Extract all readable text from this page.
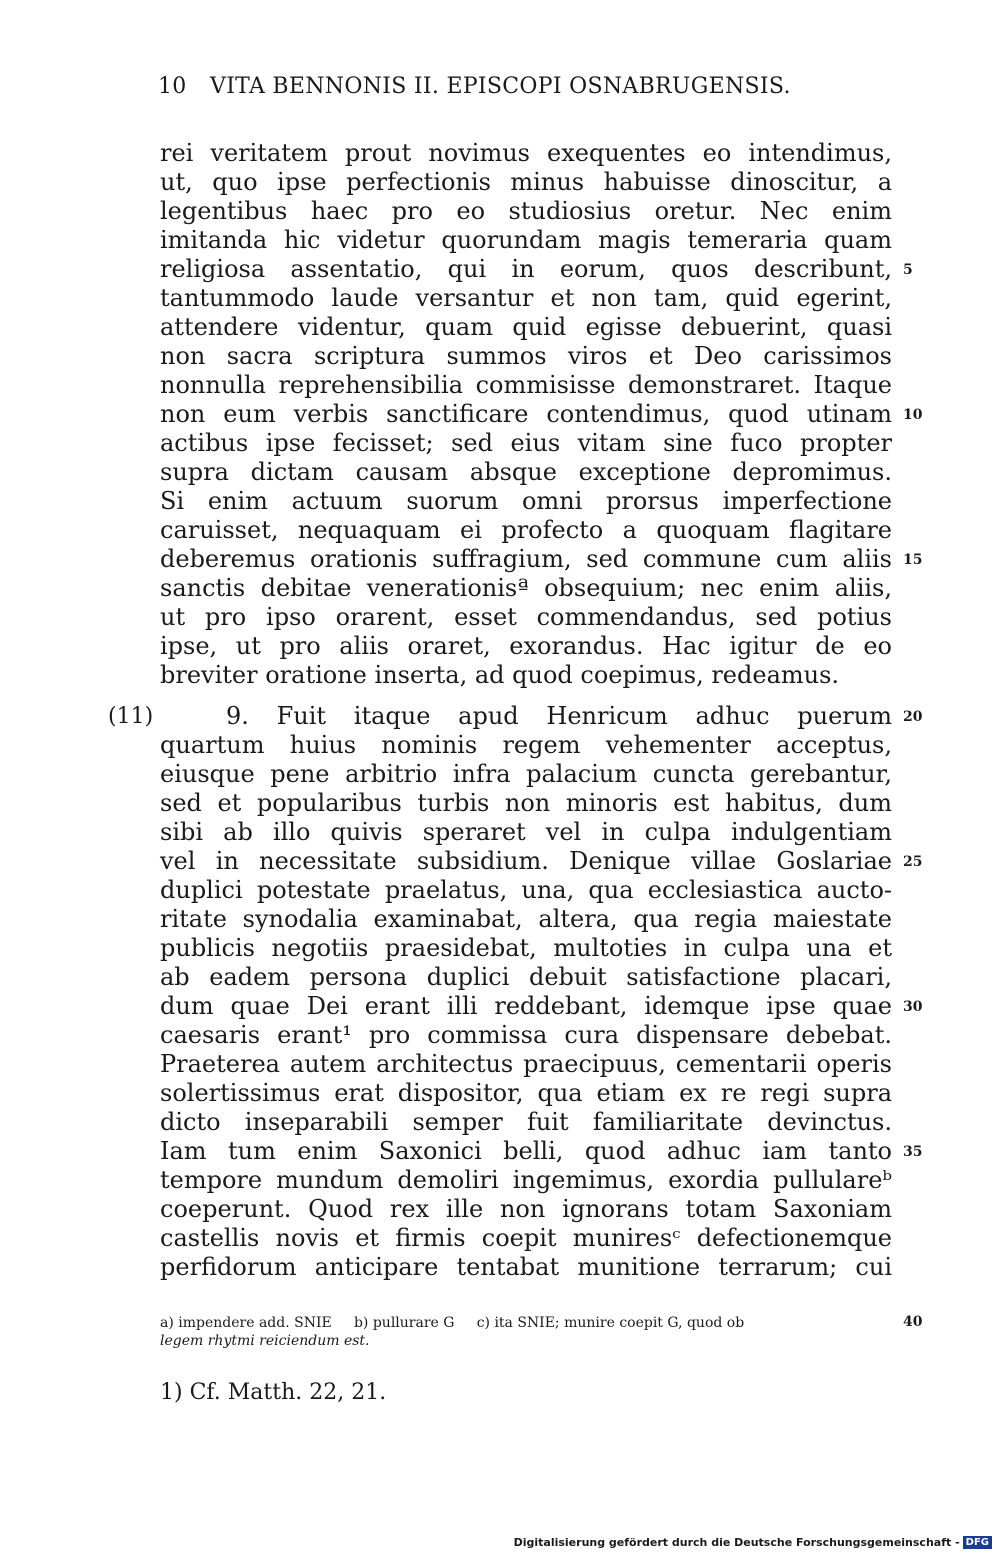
10 VITA BENNONIS II. EPISCOPI OSNABRUGENSIS.
rei veritatem prout novimus exequentes eo intendimus,
ut, quo ipse perfectionis minus habuisse dinoscitur, a
legentibus haec pro eo studiosius oretur. Nec enim
imitanda hic videtur quorundam magis temeraria quam
religiosa assentatio, qui in eorum, quos describunt,
tantummodo laude versantur et non tam, quid egerint,
attendere videntur, quam quid egisse debuerint, quasi
non sacra scriptura summos viros et Deo carissimos
nonnulla reprehensibilia commisisse demonstraret. Itaque
non eum verbis sanctificare contendimus, quod utinam
actibus ipse fecisset; sed eius vitam sine fuco propter
supra dictam causam absque exceptione depromimus.
Si enim actuum suorum omni prorsus imperfectione
caruisset, nequaquam ei profecto a quoquam flagitare
deberemus orationis suffragium, sed commune cum aliis
sanctis debitae venerationisª obsequium; nec enim aliis,
ut pro ipso orarent, esset commendandus, sed potius
ipse, ut pro aliis oraret, exorandus. Hac igitur de eo
breviter oratione inserta, ad quod coepimus, redeamus.
(11)	9. Fuit itaque apud Henricum adhuc puerum
quartum huius nominis regem vehementer acceptus,
eiusque pene arbitrio infra palacium cuncta gerebantur,
sed et popularibus turbis non minoris est habitus, dum
sibi ab illo quivis speraret vel in culpa indulgentiam
vel in necessitate subsidium. Denique villae Goslariae
duplici potestate praelatus, una, qua ecclesiastica aucto-
ritate synodalia examinabat, altera, qua regia maiestate
publicis negotiis praesidebat, multoties in culpa una et
ab eadem persona duplici debuit satisfactione placari,
dum quae Dei erant illi reddebant, idemque ipse quae
caesaris erant¹ pro commissa cura dispensare debebat.
Praeterea autem architectus praecipuus, cementarii operis
solertissimus erat dispositor, qua etiam ex re regi supra
dicto inseparabili semper fuit familiaritate devinctus.
Iam tum enim Saxonici belli, quod adhuc iam tanto
tempore mundum demoliri ingemimus, exordia pullulareᵇ
coeperunt. Quod rex ille non ignorans totam Saxoniam
castellis novis et firmis coepit muniresᶜ defectionemque
perfidorum anticipare tentabat munitione terrarum; cui
5
10
15
20
25
30
35
40
a) impendere add. SNIE     b) pullurare G     c) ita SNIE; munire coepit G, quod ob
legem rhytmi reiciendum est.
1) Cf. Matth. 22, 21.
Digitalisierung gefördert durch die Deutsche Forschungsgemeinschaft - DFG
